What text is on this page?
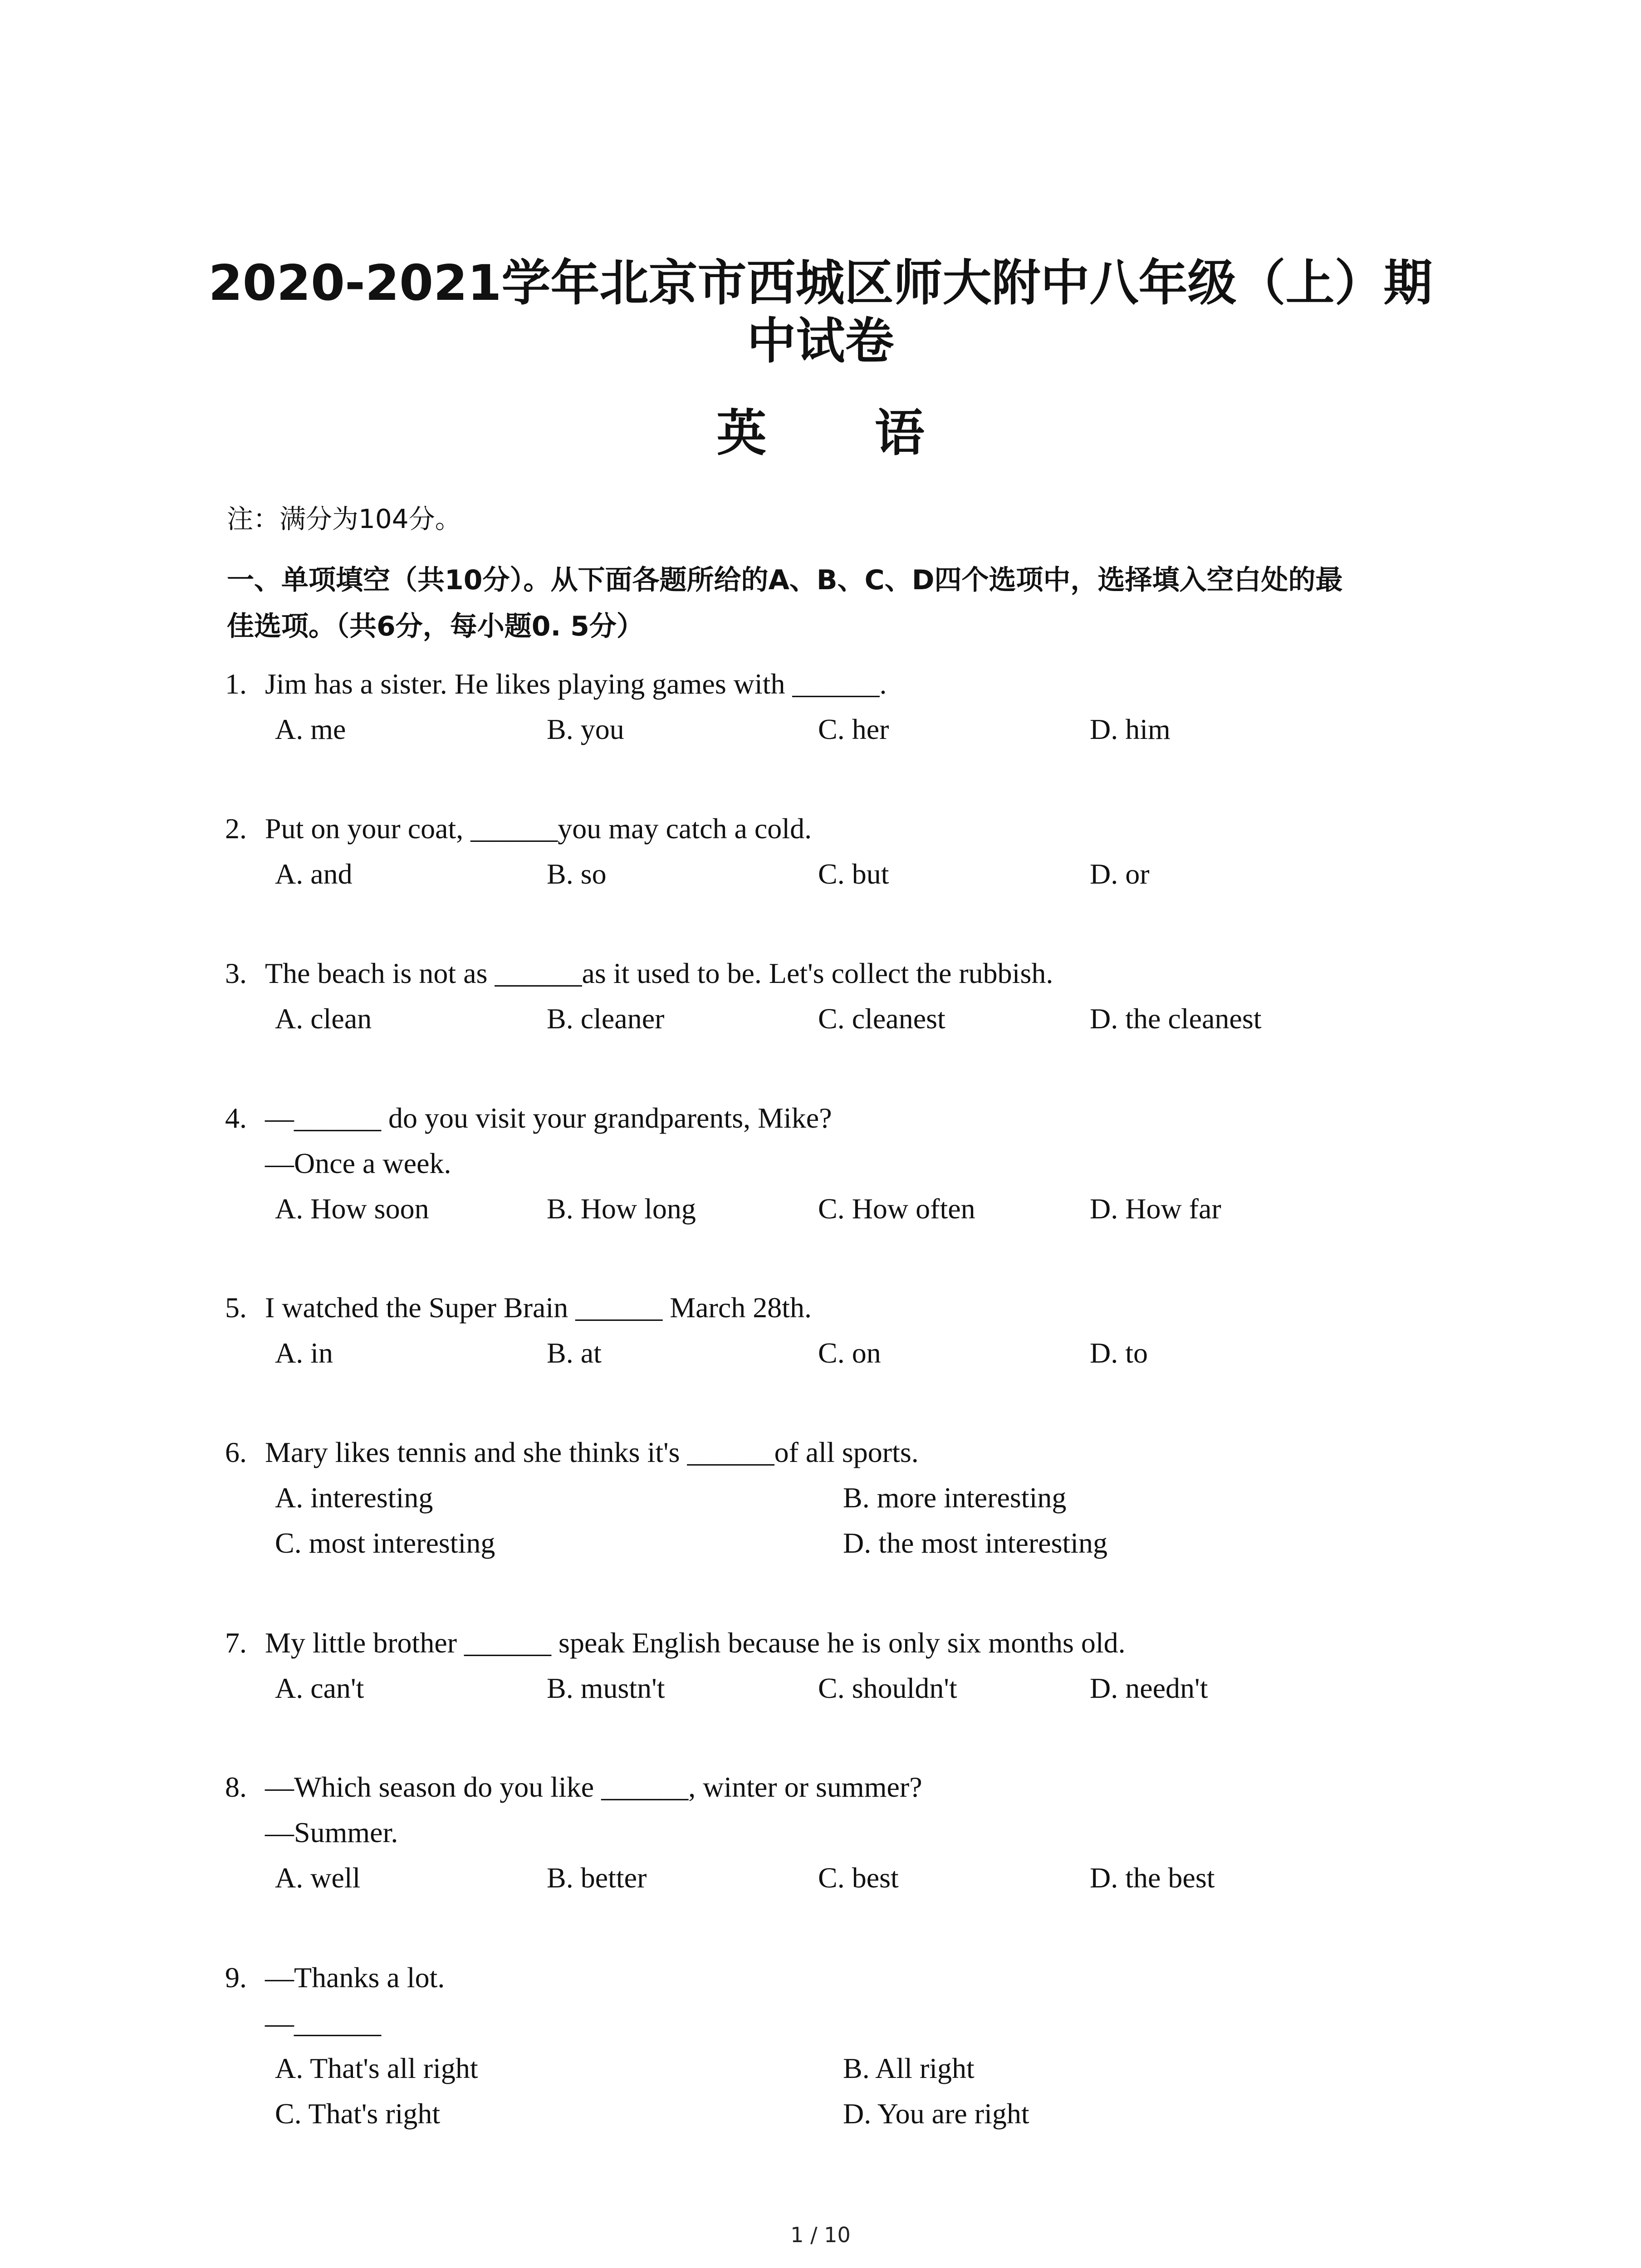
2020-2021学年北京市西城区师大附中八年级（上）期
中试卷
英 语
注：满分为104分。
一、单项填空（共10分）。从下面各题所给的A、B、C、D四个选项中，选择填入空白处的最
佳选项。（共6分，每小题0. 5分）
1. Jim has a sister. He likes playing games with ______.
A. me	B. you	C. her	D. him
2. Put on your coat, ______you may catch a cold.
A. and	B. so	C. but	D. or
3. The beach is not as ______as it used to be. Let's collect the rubbish.
A. clean	B. cleaner	C. cleanest	D. the cleanest
4. —______ do you visit your grandparents, Mike?
—Once a week.
A. How soon	B. How long	C. How often	D. How far
5. I watched the Super Brain ______ March 28th.
A. in	B. at	C. on	D. to
6. Mary likes tennis and she thinks it's ______of all sports.
A. interesting	B. more interesting
C. most interesting	D. the most interesting
7. My little brother ______ speak English because he is only six months old.
A. can't	B. mustn't	C. shouldn't	D. needn't
8. —Which season do you like ______, winter or summer?
—Summer.
A. well	B. better	C. best	D. the best
9. —Thanks a lot.
—______
A. That's all right	B. All right
C. That's right	D. You are right
1 / 10
